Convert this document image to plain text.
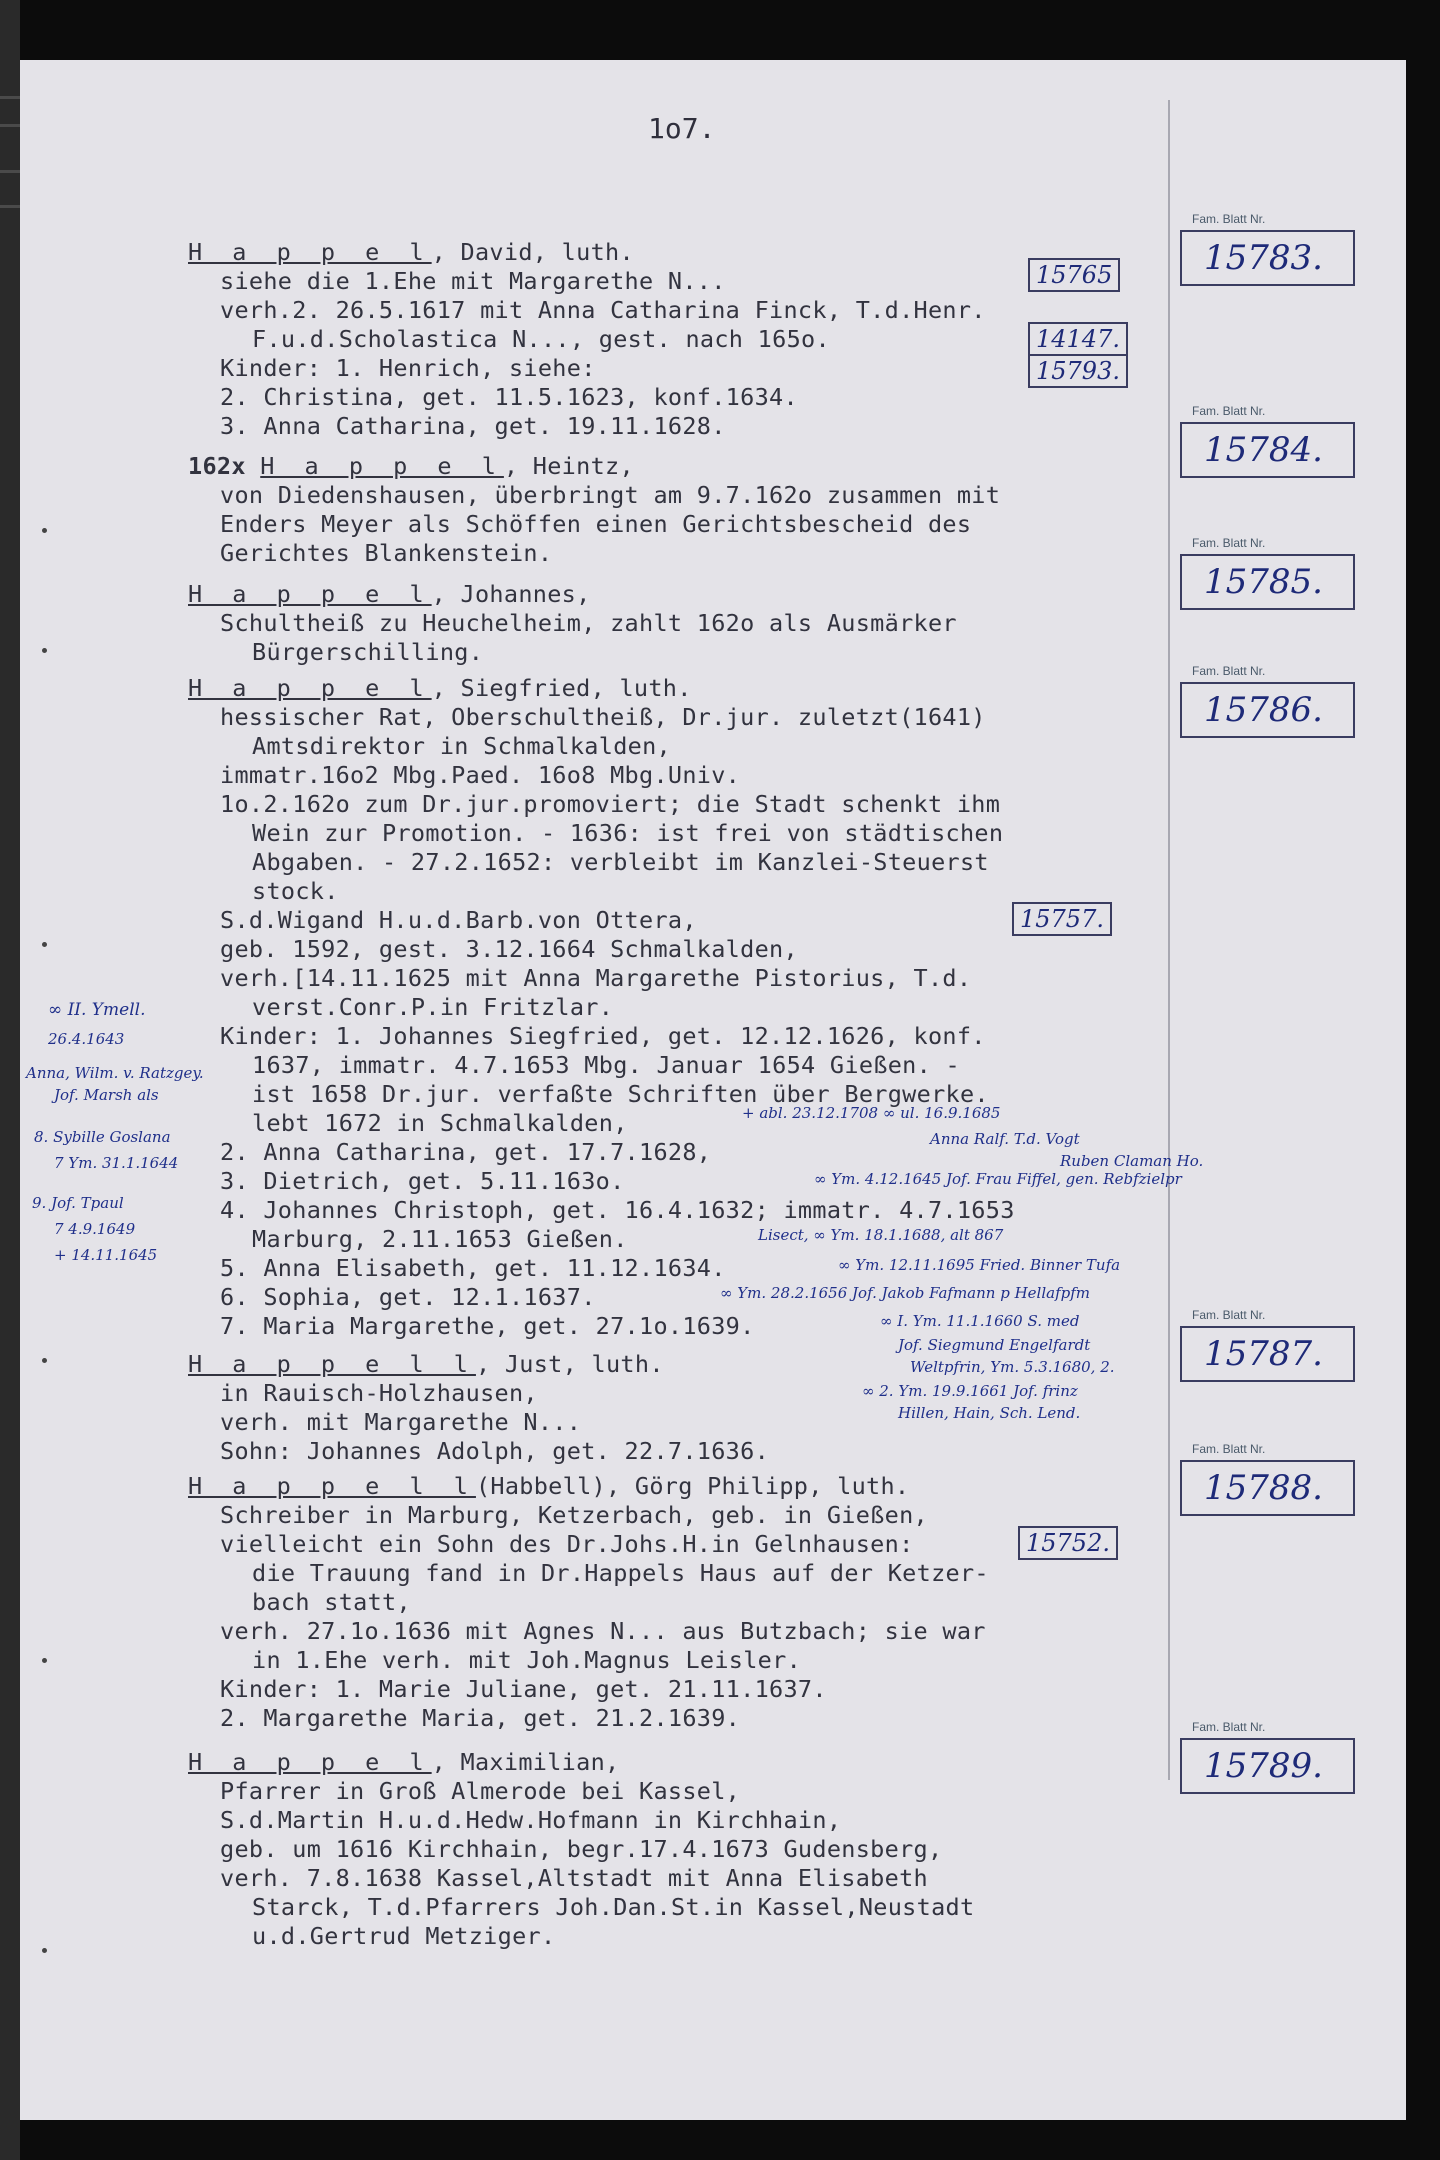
1o7.
H a p p e l, David, luth.
siehe die 1.Ehe mit Margarethe N...
verh.2. 26.5.1617 mit Anna Catharina Finck, T.d.Henr.
F.u.d.Scholastica N..., gest. nach 165o.
Kinder: 1. Henrich, siehe:
2. Christina, get. 11.5.1623, konf.1634.
3. Anna Catharina, get. 19.11.1628.
162x H a p p e l, Heintz,
von Diedenshausen, überbringt am 9.7.162o zusammen mit
Enders Meyer als Schöffen einen Gerichtsbescheid des
Gerichtes Blankenstein.
H a p p e l, Johannes,
Schultheiß zu Heuchelheim, zahlt 162o als Ausmärker
Bürgerschilling.
H a p p e l, Siegfried, luth.
hessischer Rat, Oberschultheiß, Dr.jur. zuletzt(1641)
Amtsdirektor in Schmalkalden,
immatr.16o2 Mbg.Paed. 16o8 Mbg.Univ.
1o.2.162o zum Dr.jur.promoviert; die Stadt schenkt ihm
Wein zur Promotion. - 1636: ist frei von städtischen
Abgaben. - 27.2.1652: verbleibt im Kanzlei-Steuerst
stock.
S.d.Wigand H.u.d.Barb.von Ottera,
geb. 1592, gest. 3.12.1664 Schmalkalden,
verh.[14.11.1625 mit Anna Margarethe Pistorius, T.d.
verst.Conr.P.in Fritzlar.
Kinder: 1. Johannes Siegfried, get. 12.12.1626, konf.
1637, immatr. 4.7.1653 Mbg. Januar 1654 Gießen. -
ist 1658 Dr.jur. verfaßte Schriften über Bergwerke.
lebt 1672 in Schmalkalden,
2. Anna Catharina, get. 17.7.1628,
3. Dietrich, get. 5.11.163o.
4. Johannes Christoph, get. 16.4.1632; immatr. 4.7.1653
Marburg, 2.11.1653 Gießen.
5. Anna Elisabeth, get. 11.12.1634.
6. Sophia, get. 12.1.1637.
7. Maria Margarethe, get. 27.1o.1639.
H a p p e l l, Just, luth.
in Rauisch-Holzhausen,
verh. mit Margarethe N...
Sohn: Johannes Adolph, get. 22.7.1636.
H a p p e l l(Habbell), Görg Philipp, luth.
Schreiber in Marburg, Ketzerbach, geb. in Gießen,
vielleicht ein Sohn des Dr.Johs.H.in Gelnhausen:
die Trauung fand in Dr.Happels Haus auf der Ketzer-
bach statt,
verh. 27.1o.1636 mit Agnes N... aus Butzbach; sie war
in 1.Ehe verh. mit Joh.Magnus Leisler.
Kinder: 1. Marie Juliane, get. 21.11.1637.
2. Margarethe Maria, get. 21.2.1639.
H a p p e l, Maximilian,
Pfarrer in Groß Almerode bei Kassel,
S.d.Martin H.u.d.Hedw.Hofmann in Kirchhain,
geb. um 1616 Kirchhain, begr.17.4.1673 Gudensberg,
verh. 7.8.1638 Kassel,Altstadt mit Anna Elisabeth
Starck, T.d.Pfarrers Joh.Dan.St.in Kassel,Neustadt
u.d.Gertrud Metziger.
15765
14147.
15793.
15757.
15752.
Fam. Blatt Nr.
15783.
Fam. Blatt Nr.
15784.
Fam. Blatt Nr.
15785.
Fam. Blatt Nr.
15786.
Fam. Blatt Nr.
15787.
Fam. Blatt Nr.
15788.
Fam. Blatt Nr.
15789.
∞ II. Ymell.
26.4.1643
Anna, Wilm. v. Ratzgey.
Jof. Marsh als
8. Sybille Goslana
7 Ym. 31.1.1644
9. Jof. Tpaul
7 4.9.1649
+ 14.11.1645
+ abl. 23.12.1708 ∞ ul. 16.9.1685
Anna Ralf. T.d. Vogt
Ruben Claman Ho.
∞ Ym. 4.12.1645 Jof. Frau Fiffel, gen. Rebfzielpr
Lisect, ∞ Ym. 18.1.1688, alt 867
∞ Ym. 12.11.1695 Fried. Binner Tufa
∞ Ym. 28.2.1656 Jof. Jakob Fafmann p Hellafpfm
∞ I. Ym. 11.1.1660 S. med
Jof. Siegmund Engelfardt
Weltpfrin, Ym. 5.3.1680, 2.
∞ 2. Ym. 19.9.1661 Jof. frinz
Hillen, Hain, Sch. Lend.
